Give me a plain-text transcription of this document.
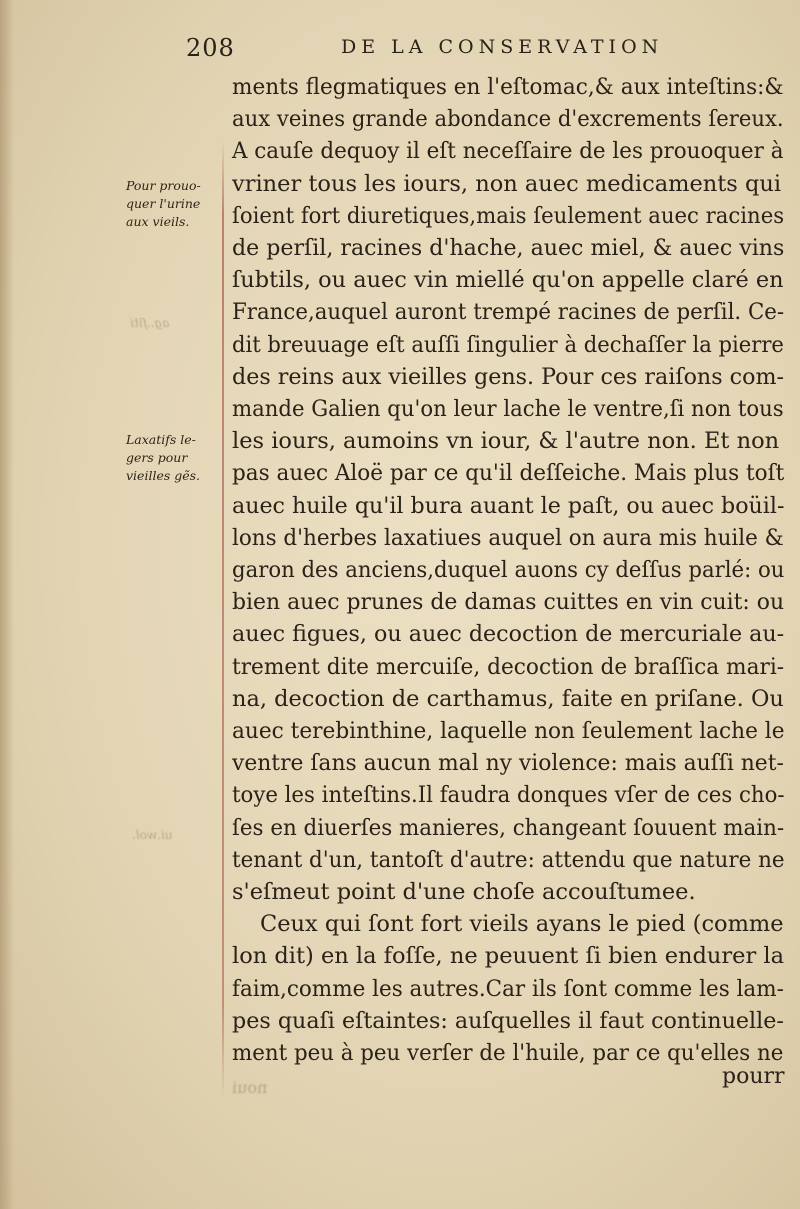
208	DE LA CONSERVATION
Pour prouo-
quer l'urine
aux vieils.
Laxatifs le-
gers pour
vieilles gẽs.
ag..ſiti
ui.wol.
noui
ments flegmatiques en l'eſtomac,& aux inteſtins:&
aux veines grande abondance d'excrements ſereux.
A cauſe dequoy il eſt neceſſaire de les prouoquer à
vriner tous les iours, non auec medicaments qui
ſoient fort diuretiques,mais ſeulement auec racines
de perſil, racines d'hache, auec miel, & auec vins
ſubtils, ou auec vin miellé qu'on appelle claré en
France,auquel auront trempé racines de perſil. Ce-
dit breuuage eſt auſſi ſingulier à dechaſſer la pierre
des reins aux vieilles gens. Pour ces raiſons com-
mande Galien qu'on leur lache le ventre,ſi non tous
les iours, aumoins vn iour, & l'autre non. Et non
pas auec Aloë par ce qu'il deſſeiche. Mais plus toſt
auec huile qu'il bura auant le paſt, ou auec boüil-
lons d'herbes laxatiues auquel on aura mis huile &
garon des anciens,duquel auons cy deſſus parlé: ou
bien auec prunes de damas cuittes en vin cuit: ou
auec figues, ou auec decoction de mercuriale au-
trement dite mercuiſe, decoction de braſſica mari-
na, decoction de carthamus, faite en priſane. Ou
auec terebinthine, laquelle non ſeulement lache le
ventre ſans aucun mal ny violence: mais auſſi net-
toye les inteſtins.Il faudra donques vſer de ces cho-
ſes en diuerſes manieres, changeant ſouuent main-
tenant d'un, tantoſt d'autre: attendu que nature ne
s'eſmeut point d'une choſe accouſtumee.
Ceux qui ſont fort vieils ayans le pied (comme
lon dit) en la foſſe, ne peuuent ſi bien endurer la
faim,comme les autres.Car ils ſont comme les lam-
pes quaſi eſtaintes: auſquelles il faut continuelle-
ment peu à peu verſer de l'huile, par ce qu'elles ne
pourr
